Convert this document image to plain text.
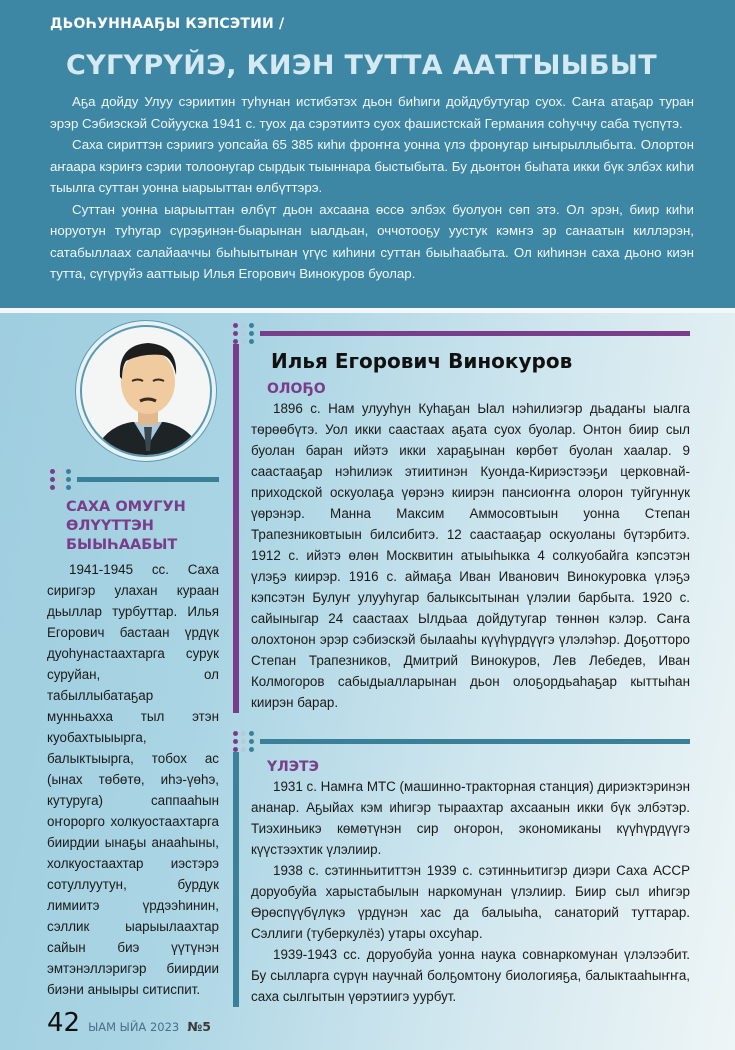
ДЬОҺУННААҔЫ КЭПСЭТИИ /
СҮГҮРҮЙЭ, КИЭН ТУТТА ААТТЫЫБЫТ

Аҕа дойду Улуу сэриитин туһунан истибэтэх дьон биһиги дойдубутугар суох. Саҥа атаҕар туран эрэр Сэбиэскэй Сойууска 1941 с. туох да сэрэтиитэ суох фашистскай Германия соһуччу саба түспүтэ.

Саха сириттэн сэриигэ уопсайа 65 385 киһи фроҥҥа уонна үлэ фронугар ыҥырыллыбыта. Олортон аҥаара кэриҥэ сэрии толоонугар сырдык тыыннара быстыбыта. Бу дьонтон быһата икки бүк элбэх киһи тыылга суттан уонна ыарыыттан өлбүттэрэ.

Суттан уонна ыарыыттан өлбүт дьон ахсаана өссө элбэх буолуон сөп этэ. Ол эрэн, биир киһи норуотун туһугар сүрэҕинэн-быарынан ыалдьан, оччотооҕу уустук кэмҥэ эр санаатын киллэрэн, сатабыллаах салайааччы быһыытынан үгүс киһини суттан быыһаабыта. Ол киһинэн саха дьоно киэн тутта, сүгүрүйэ ааттыыр Илья Егорович Винокуров буолар.

САХА ОМУГУН ӨЛҮҮТТЭН БЫЫҺААБЫТ

1941-1945 сс. Саха сиригэр улахан кураан дьыллар турбуттар. Илья Егорович бастаан үрдүк дуоһунастаахтарга сурук суруйан, ол табыллыбатаҕар мунньахха тыл этэн куобахтыыырга, балыктыырга, тобох ас (ынах төбөтө, иһэ-үөһэ, кутуруга) саппааһын оҥорорго холкуостаахтарга биирдии ынаҕы анааһыны, холкуостаахтар иэстэрэ сотуллуутун, бурдук лимиитэ үрдээһинин, сэллик ыарыылаахтар сайын биэ үүтүнэн эмтэнэллэригэр биирдии биэни аныыры ситиспит.

42 ЫАМ ЫЙА 2023 №5
Илья Егорович Винокуров
ОЛОҔО

1896 с. Нам улууһун Куһаҕан Ыал нэһилиэгэр дьадаҥы ыалга төрөөбүтэ. Уол икки саастаах аҕата суох буолар. Онтон биир сыл буолан баран ийэтэ икки хараҕынан көрбөт буолан хаалар. 9 саастааҕар нэһилиэк этиитинэн Куонда-Кириэстээҕи церковнай-приходской оскуолаҕа үөрэнэ киирэн пансиоҥҥа олорон туйгуннук үөрэнэр. Манна Максим Аммосовтыын уонна Степан Трапезниковтыын билсибитэ. 12 саастааҕар оскуоланы бүтэрбитэ. 1912 с. ийэтэ өлөн Москвитин атыыһыкка 4 солкуобайга кэпсэтэн үлэҕэ киирэр. 1916 с. аймаҕа Иван Иванович Винокуровка үлэҕэ кэпсэтэн Булуҥ улууһугар балыксытынан үлэлии барбыта. 1920 с. сайыныгар 24 саастаах Ылдьаа дойдутугар төннөн кэлэр. Саҥа олохтонон эрэр сэбиэскэй былааһы күүһүрдүүгэ үлэлэһэр. Доҕотторо Степан Трапезников, Дмитрий Винокуров, Лев Лебедев, Иван Колмогоров сабыдыалларынан дьон олоҕордьаһаҕар кыттыһан киирэн барар.

ҮЛЭТЭ

1931 с. Намҥа МТС (машинно-тракторная станция) дириэктэринэн ананар. Аҕыйах кэм иһигэр тыраахтар ахсаанын икки бүк элбэтэр. Тиэхиньикэ көмөтүнэн сир оҥорон, экономиканы күүһүрдүүгэ күүстээхтик үлэлиир.

1938 с. сэтинньититтэн 1939 с. сэтинньитигэр диэри Саха АССР доруобуйа харыстабылын наркомунан үлэлиир. Биир сыл иһигэр Өрөспүүбүлүкэ үрдүнэн хас да балыыһа, санаторий туттарар. Сэллиги (туберкулёз) утары охсуһар.

1939-1943 сс. доруобуйа уонна наука совнаркомунан үлэлээбит. Бу сылларга сүрүн научнай болҕомтону биологияҕа, балыктааһыҥҥа, саха сылгытын үөрэтиигэ уурбут.
